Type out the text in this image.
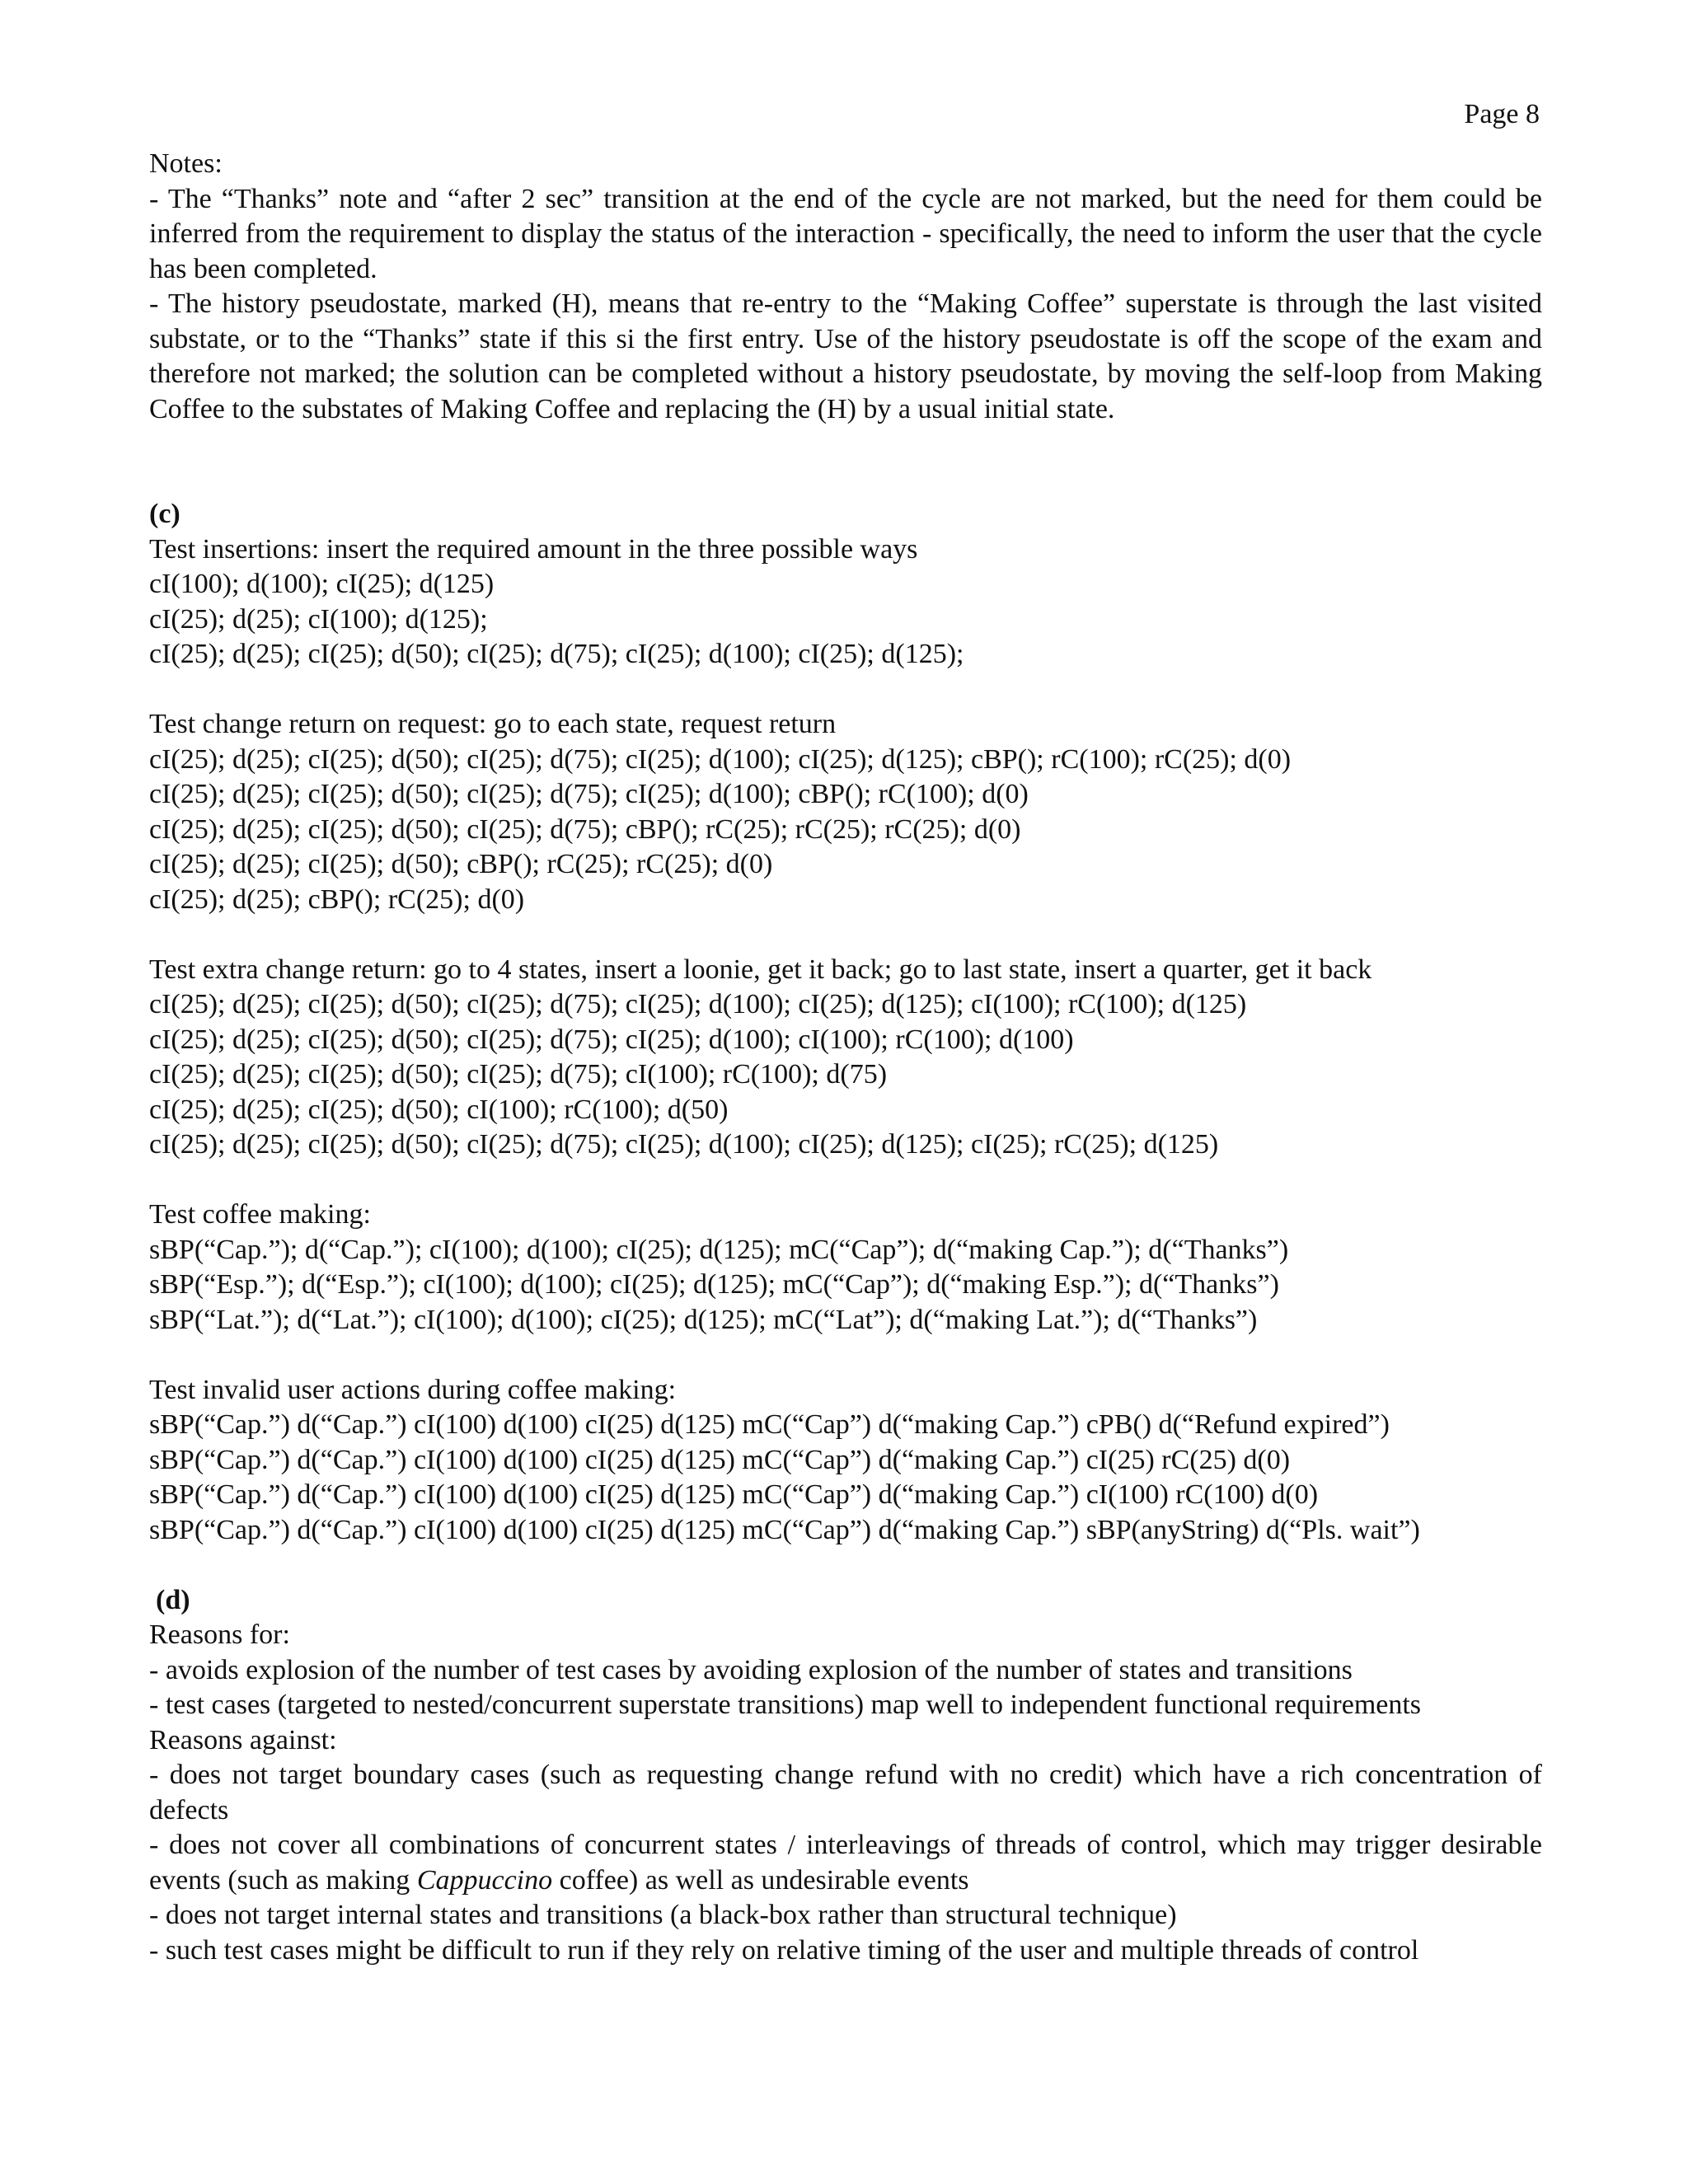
Page 8
Notes:
- The “Thanks” note and “after 2 sec” transition at the end of the cycle are not marked, but the need for them could be inferred from the requirement to display the status of the interaction - specifically, the need to inform the user that the cycle has been completed.
- The history pseudostate, marked (H), means that re-entry to the “Making Coffee” superstate is through the last visited substate, or to the “Thanks” state if this si the first entry. Use of the history pseudostate is off the scope of the exam and therefore not marked; the solution can be completed without a history pseudostate, by moving the self-loop from Making Coffee to the substates of Making Coffee and replacing the (H) by a usual initial state.
(c)
Test insertions: insert the required amount in the three possible ways
cI(100); d(100); cI(25); d(125)
cI(25); d(25); cI(100); d(125);
cI(25); d(25); cI(25); d(50); cI(25); d(75); cI(25); d(100); cI(25); d(125);
Test change return on request: go to each state, request return
cI(25); d(25); cI(25); d(50); cI(25); d(75); cI(25); d(100); cI(25); d(125); cBP(); rC(100); rC(25); d(0)
cI(25); d(25); cI(25); d(50); cI(25); d(75); cI(25); d(100); cBP(); rC(100); d(0)
cI(25); d(25); cI(25); d(50); cI(25); d(75); cBP(); rC(25); rC(25); rC(25); d(0)
cI(25); d(25); cI(25); d(50); cBP(); rC(25); rC(25); d(0)
cI(25); d(25); cBP(); rC(25); d(0)
Test extra change return: go to 4 states, insert a loonie, get it back; go to last state, insert a quarter, get it back
cI(25); d(25); cI(25); d(50); cI(25); d(75); cI(25); d(100); cI(25); d(125); cI(100); rC(100); d(125)
cI(25); d(25); cI(25); d(50); cI(25); d(75); cI(25); d(100); cI(100); rC(100); d(100)
cI(25); d(25); cI(25); d(50); cI(25); d(75); cI(100); rC(100); d(75)
cI(25); d(25); cI(25); d(50); cI(100); rC(100); d(50)
cI(25); d(25); cI(25); d(50); cI(25); d(75); cI(25); d(100); cI(25); d(125); cI(25); rC(25); d(125)
Test coffee making:
sBP(“Cap.”); d(“Cap.”); cI(100); d(100); cI(25); d(125); mC(“Cap”); d(“making Cap.”); d(“Thanks”)
sBP(“Esp.”); d(“Esp.”); cI(100); d(100); cI(25); d(125); mC(“Cap”); d(“making Esp.”); d(“Thanks”)
sBP(“Lat.”); d(“Lat.”); cI(100); d(100); cI(25); d(125); mC(“Lat”); d(“making Lat.”); d(“Thanks”)
Test invalid user actions during coffee making:
sBP(“Cap.”) d(“Cap.”) cI(100) d(100) cI(25) d(125) mC(“Cap”) d(“making Cap.”) cPB() d(“Refund expired”)
sBP(“Cap.”) d(“Cap.”) cI(100) d(100) cI(25) d(125) mC(“Cap”) d(“making Cap.”) cI(25) rC(25) d(0)
sBP(“Cap.”) d(“Cap.”) cI(100) d(100) cI(25) d(125) mC(“Cap”) d(“making Cap.”) cI(100) rC(100) d(0)
sBP(“Cap.”) d(“Cap.”) cI(100) d(100) cI(25) d(125) mC(“Cap”) d(“making Cap.”) sBP(anyString) d(“Pls. wait”)
(d)
Reasons for:
- avoids explosion of the number of test cases by avoiding explosion of the number of states and transitions
- test cases (targeted to nested/concurrent superstate transitions) map well to independent functional requirements
Reasons against:
- does not target boundary cases (such as requesting change refund with no credit) which have a rich concentration of defects
- does not cover all combinations of concurrent states / interleavings of threads of control, which may trigger desirable events (such as making Cappuccino coffee) as well as undesirable events
- does not target internal states and transitions (a black-box rather than structural technique)
- such test cases might be difficult to run if they rely on relative timing of the user and multiple threads of control
